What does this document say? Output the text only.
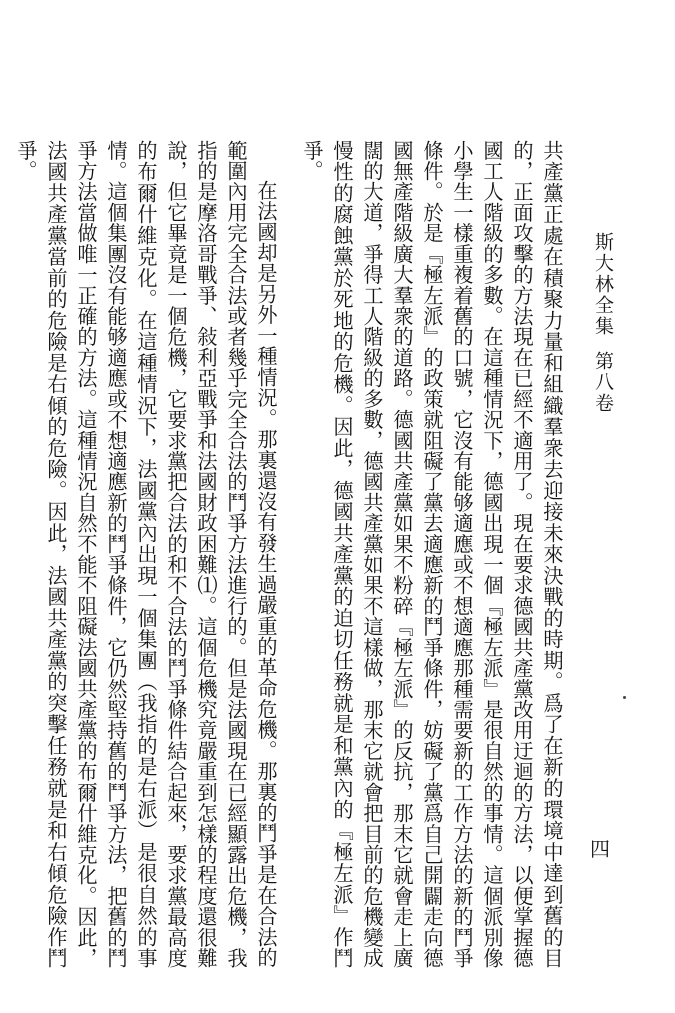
斯大林全集第八卷
四

共產黨正處在積聚力量和組織羣衆去迎接未來決戰的時期。爲了在新的環境中達到舊的目的，正面攻擊的方法現在已經不適用了。現在要求德國共產黨改用迂迴的方法，以便掌握德國工人階級的多數。在這種情況下，德國出現一個『極左派』是很自然的事情。這個派別像小學生一樣重複着舊的口號，它沒有能够適應或不想適應那種需要新的工作方法的新的鬥爭條件。於是『極左派』的政策就阻礙了黨去適應新的鬥爭條件，妨礙了黨爲自己開闢走向德國無產階級廣大羣衆的道路。德國共產黨如果不粉碎『極左派』的反抗，那末它就會走上廣闊的大道，爭得工人階級的多數，德國共產黨如果不這樣做，那末它就會把目前的危機變成慢性的腐蝕黨於死地的危機。因此，德國共產黨的迫切任務就是和黨內的『極左派』作鬥爭。

在法國却是另外一種情況。那裏還沒有發生過嚴重的革命危機。那裏的鬥爭是在合法的範圍內用完全合法或者幾乎完全合法的鬥爭方法進行的。但是法國現在已經顯露出危機，我指的是摩洛哥戰爭、敍利亞戰爭和法國財政困難⑴。這個危機究竟嚴重到怎樣的程度還很難說，但它畢竟是一個危機，它要求黨把合法的和不合法的鬥爭條件結合起來，要求黨最高度的布爾什維克化。在這種情況下，法國黨內出現一個集團（我指的是右派）是很自然的事情。這個集團沒有能够適應或不想適應新的鬥爭條件，它仍然堅持舊的鬥爭方法，把舊的鬥爭方法當做唯一正確的方法。這種情況自然不能不阻礙法國共產黨的布爾什維克化。因此，法國共產黨當前的危險是右傾的危險。因此，法國共產黨的突擊任務就是和右傾危險作鬥爭。
